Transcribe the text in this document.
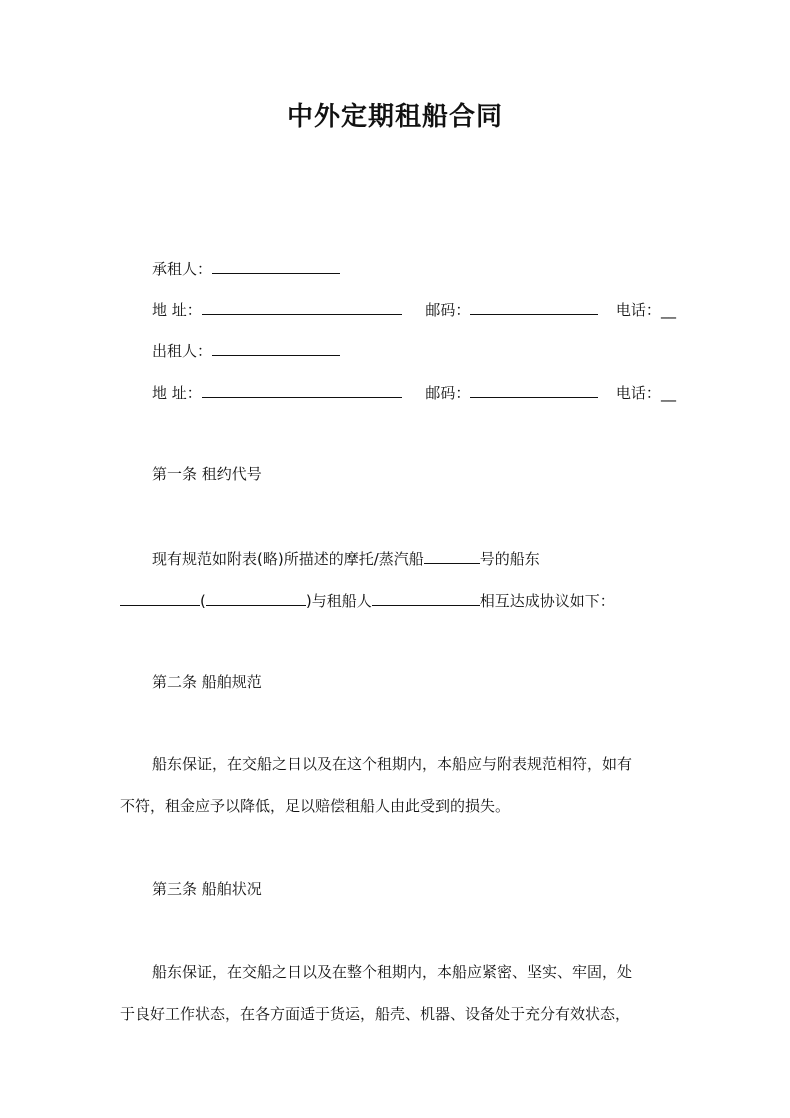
中外定期租船合同
承租人：
地 址：	邮码：	电话：__
出租人：
地 址：	邮码：	电话：__
第一条 租约代号
现有规范如附表(略)所描述的摩托/蒸汽船	号的船东
(	)与租船人	相互达成协议如下：
第二条 船舶规范
船东保证，在交船之日以及在这个租期内，本船应与附表规范相符，如有
不符，租金应予以降低，足以赔偿租船人由此受到的损失。
第三条 船舶状况
船东保证，在交船之日以及在整个租期内，本船应紧密、坚实、牢固，处
于良好工作状态，在各方面适于货运，船壳、机器、设备处于充分有效状态，
